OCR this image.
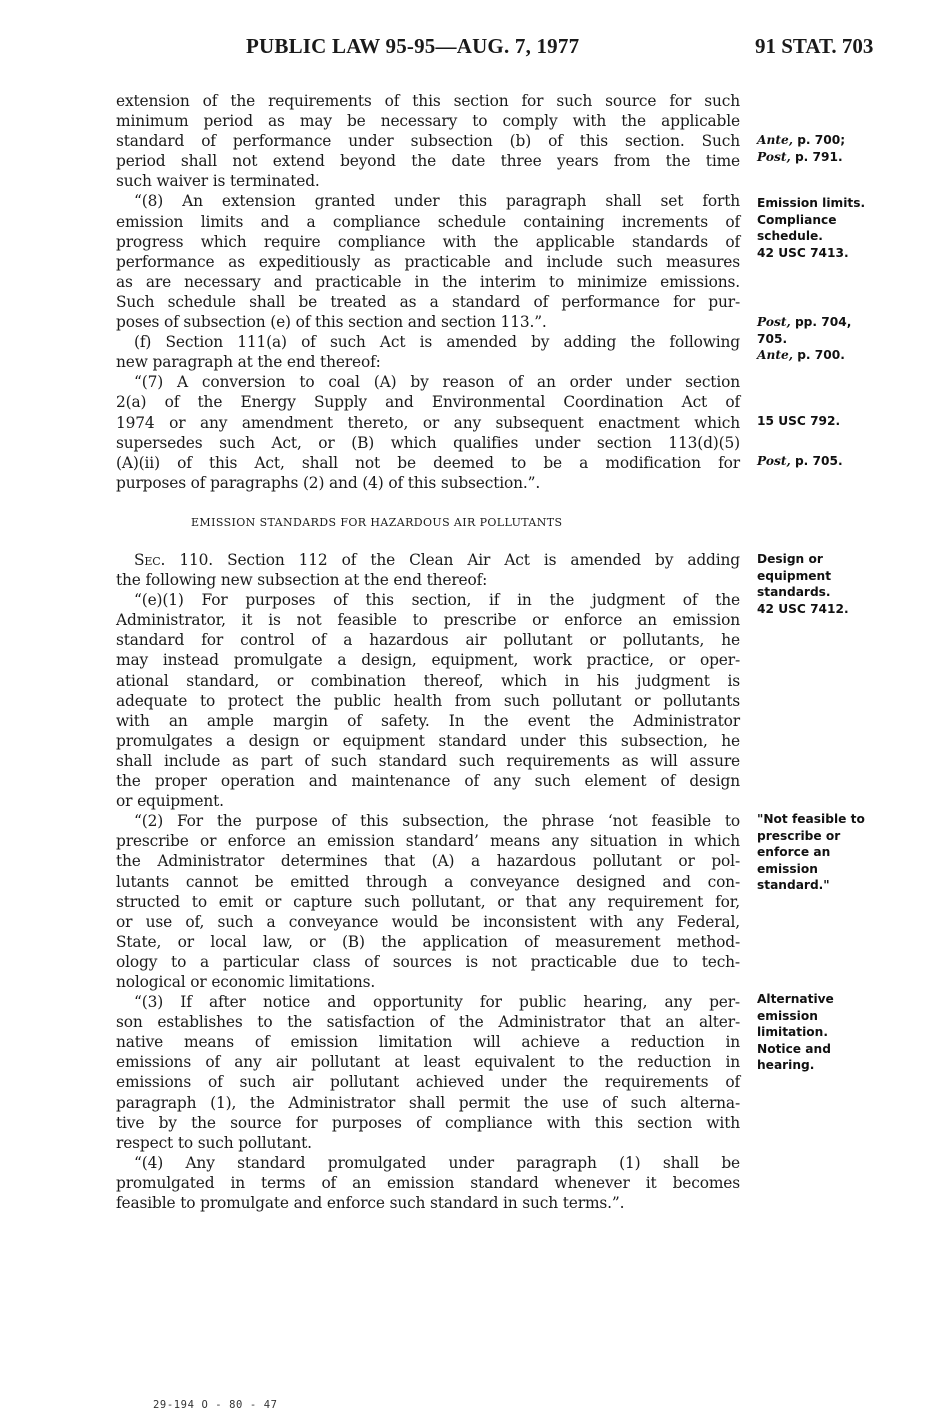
PUBLIC LAW 95-95—AUG. 7, 1977	91 STAT. 703
extension of the requirements of this section for such source for such
minimum period as may be necessary to comply with the applicable
standard of performance under subsection (b) of this section. Such
period shall not extend beyond the date three years from the time
such waiver is terminated.
“(8) An extension granted under this paragraph shall set forth
emission limits and a compliance schedule containing increments of
progress which require compliance with the applicable standards of
performance as expeditiously as practicable and include such measures
as are necessary and practicable in the interim to minimize emissions.
Such schedule shall be treated as a standard of performance for pur-
poses of subsection (e) of this section and section 113.”.
(f) Section 111(a) of such Act is amended by adding the following
new paragraph at the end thereof:
“(7) A conversion to coal (A) by reason of an order under section
2(a) of the Energy Supply and Environmental Coordination Act of
1974 or any amendment thereto, or any subsequent enactment which
supersedes such Act, or (B) which qualifies under section 113(d)(5)
(A)(ii) of this Act, shall not be deemed to be a modification for
purposes of paragraphs (2) and (4) of this subsection.”.
EMISSION STANDARDS FOR HAZARDOUS AIR POLLUTANTS
Sec. 110. Section 112 of the Clean Air Act is amended by adding
the following new subsection at the end thereof:
“(e)(1) For purposes of this section, if in the judgment of the
Administrator, it is not feasible to prescribe or enforce an emission
standard for control of a hazardous air pollutant or pollutants, he
may instead promulgate a design, equipment, work practice, or oper-
ational standard, or combination thereof, which in his judgment is
adequate to protect the public health from such pollutant or pollutants
with an ample margin of safety. In the event the Administrator
promulgates a design or equipment standard under this subsection, he
shall include as part of such standard such requirements as will assure
the proper operation and maintenance of any such element of design
or equipment.
“(2) For the purpose of this subsection, the phrase ‘not feasible to
prescribe or enforce an emission standard’ means any situation in which
the Administrator determines that (A) a hazardous pollutant or pol-
lutants cannot be emitted through a conveyance designed and con-
structed to emit or capture such pollutant, or that any requirement for,
or use of, such a conveyance would be inconsistent with any Federal,
State, or local law, or (B) the application of measurement method-
ology to a particular class of sources is not practicable due to tech-
nological or economic limitations.
“(3) If after notice and opportunity for public hearing, any per-
son establishes to the satisfaction of the Administrator that an alter-
native means of emission limitation will achieve a reduction in
emissions of any air pollutant at least equivalent to the reduction in
emissions of such air pollutant achieved under the requirements of
paragraph (1), the Administrator shall permit the use of such alterna-
tive by the source for purposes of compliance with this section with
respect to such pollutant.
“(4) Any standard promulgated under paragraph (1) shall be
promulgated in terms of an emission standard whenever it becomes
feasible to promulgate and enforce such standard in such terms.”.
Ante, p. 700;
Post, p. 791.
Emission limits.
Compliance
schedule.
42 USC 7413.
Post, pp. 704,
705.
Ante, p. 700.
15 USC 792.
Post, p. 705.
Design or
equipment
standards.
42 USC 7412.
"Not feasible to
prescribe or
enforce an
emission
standard."
Alternative
emission
limitation.
Notice and
hearing.
29-194 O - 80 - 47
